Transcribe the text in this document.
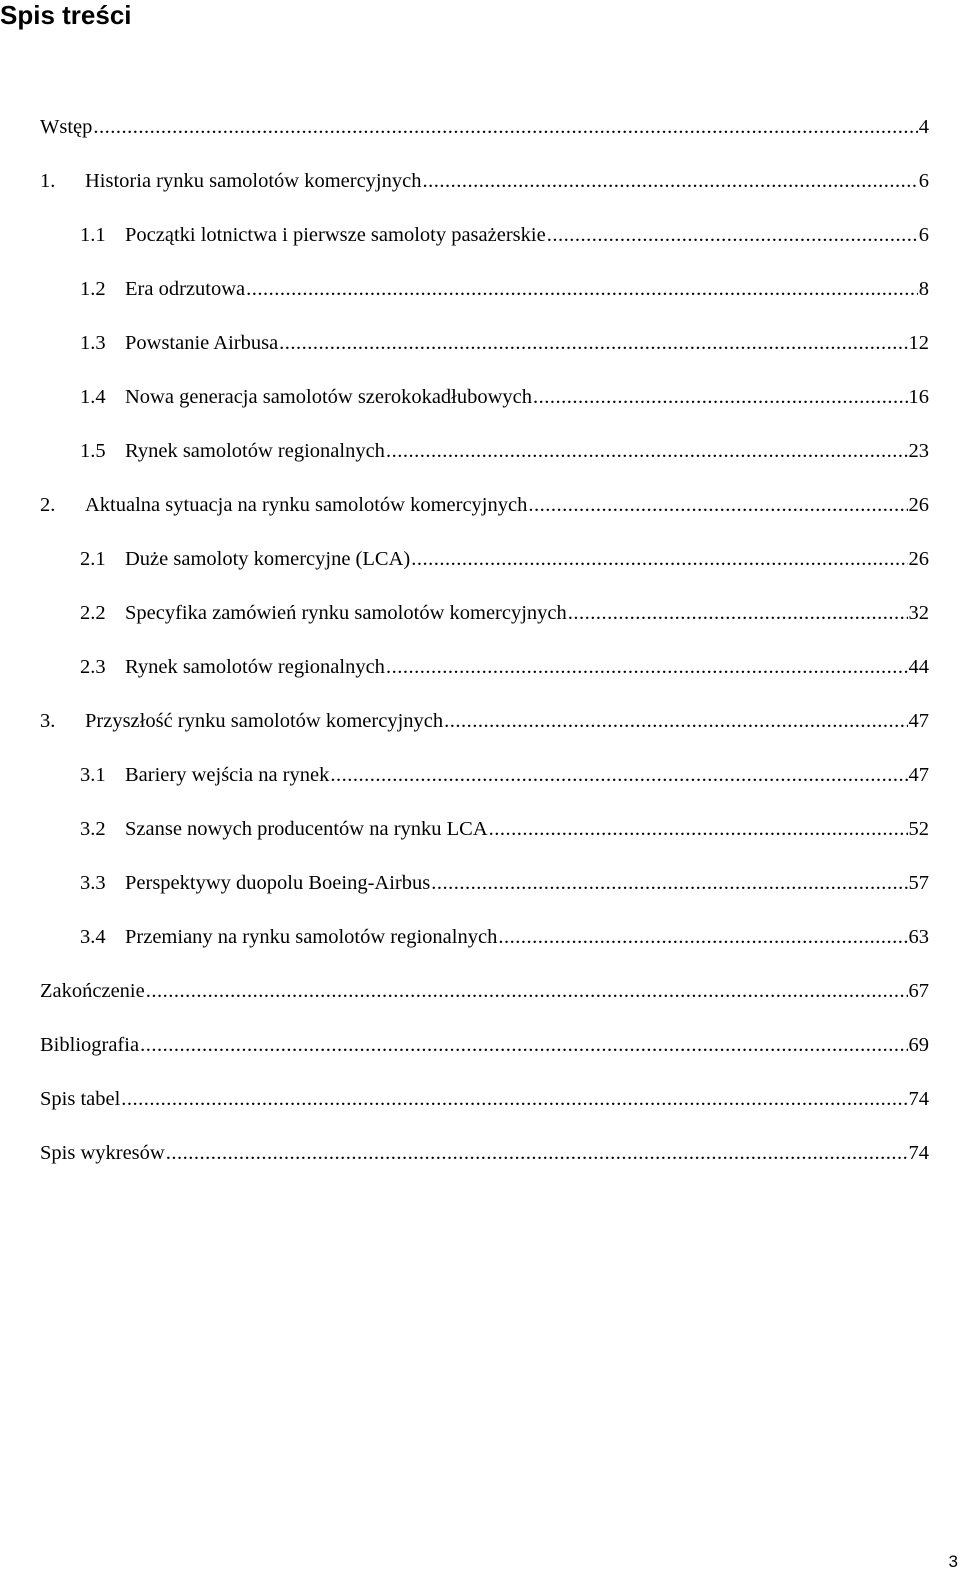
Spis treści
Wstęp .....	4
1.	Historia rynku samolotów komercyjnych .....	6
1.1 Początki lotnictwa i pierwsze samoloty pasażerskie .....	6
1.2 Era odrzutowa .....	8
1.3 Powstanie Airbusa .....	12
1.4 Nowa generacja samolotów szerokokadłubowych .....	16
1.5 Rynek samolotów regionalnych .....	23
2.	Aktualna sytuacja na rynku samolotów komercyjnych .....	26
2.1 Duże samoloty komercyjne (LCA) .....	26
2.2 Specyfika zamówień rynku samolotów komercyjnych .....	32
2.3 Rynek samolotów regionalnych .....	44
3.	Przyszłość rynku samolotów komercyjnych .....	47
3.1 Bariery wejścia na rynek .....	47
3.2 Szanse nowych producentów na rynku LCA .....	52
3.3 Perspektywy duopolu Boeing-Airbus .....	57
3.4 Przemiany na rynku samolotów regionalnych .....	63
Zakończenie .....	67
Bibliografia .....	69
Spis tabel .....	74
Spis wykresów .....	74
3
